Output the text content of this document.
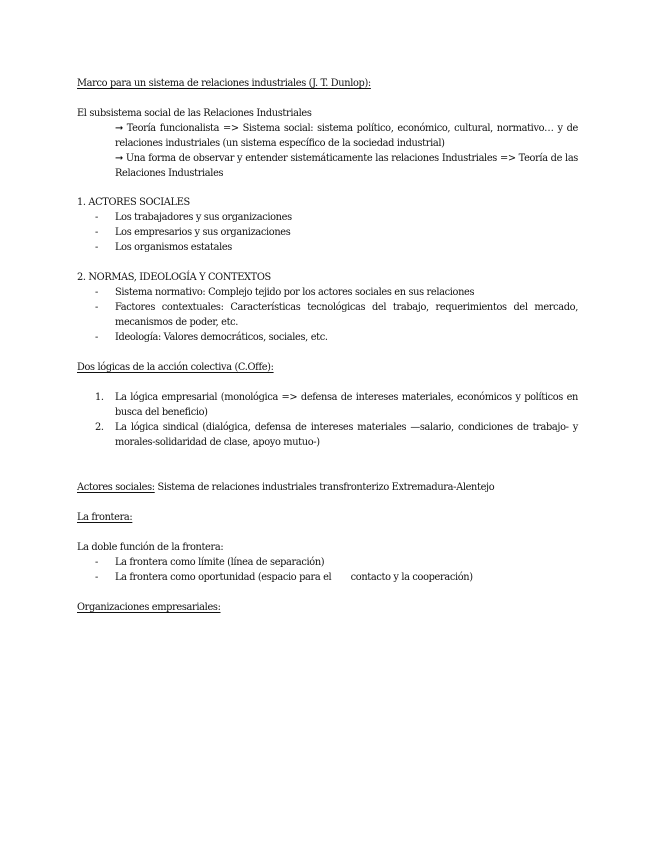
Marco para un sistema de relaciones industriales (J. T. Dunlop):
El subsistema social de las Relaciones Industriales
➞ Teoría funcionalista => Sistema social: sistema político, económico, cultural, normativo… y de relaciones industriales (un sistema específico de la sociedad industrial)
➞ Una forma de observar y entender sistemáticamente las relaciones Industriales => Teoría de las Relaciones Industriales
1. ACTORES SOCIALES
- Los trabajadores y sus organizaciones
- Los empresarios y sus organizaciones
- Los organismos estatales
2. NORMAS, IDEOLOGÍA Y CONTEXTOS
- Sistema normativo: Complejo tejido por los actores sociales en sus relaciones
- Factores contextuales: Características tecnológicas del trabajo, requerimientos del mercado, mecanismos de poder, etc.
- Ideología: Valores democráticos, sociales, etc.
Dos lógicas de la acción colectiva (C.Offe):
1. La lógica empresarial (monológica => defensa de intereses materiales, económicos y políticos en busca del beneficio)
2. La lógica sindical (dialógica, defensa de intereses materiales —salario, condiciones de trabajo- y morales-solidaridad de clase, apoyo mutuo-)
Actores sociales: Sistema de relaciones industriales transfronterizo Extremadura-Alentejo
La frontera:
La doble función de la frontera:
- La frontera como límite (línea de separación)
- La frontera como oportunidad (espacio para el       contacto y la cooperación)
Organizaciones empresariales:
